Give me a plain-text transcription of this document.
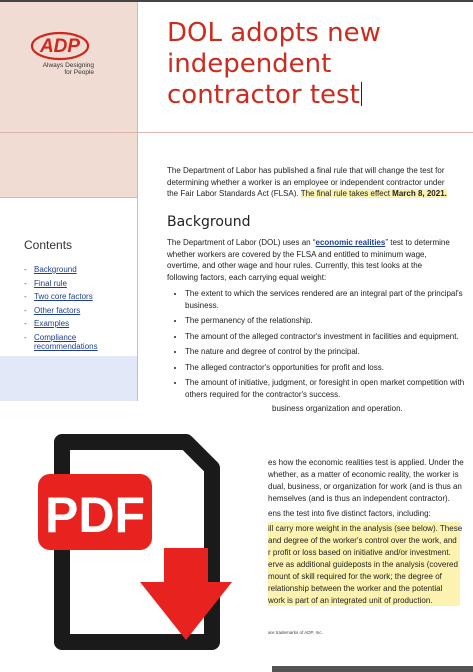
ADP
Always Designing
for People
DOL adopts new independent contractor test
Contents
- Background
- Final rule
- Two core factors
- Other factors
- Examples
- Compliance recommendations

The Department of Labor has published a final rule that will change the test for determining whether a worker is an employee or independent contractor under the Fair Labor Standards Act (FLSA). The final rule takes effect March 8, 2021.

Background

The Department of Labor (DOL) uses an “economic realities” test to determine whether workers are covered by the FLSA and entitled to minimum wage, overtime, and other wage and hour rules. Currently, this test looks at the following factors, each carrying equal weight:

• The extent to which the services rendered are an integral part of the principal's business.
• The permanency of the relationship.
• The amount of the alleged contractor's investment in facilities and equipment.
• The nature and degree of control by the principal.
• The alleged contractor's opportunities for profit and loss.
• The amount of initiative, judgment, or foresight in open market competition with others required for the contractor's success.
business organization and operation.
es how the economic realities test is applied. Under the
whether, as a matter of economic reality, the worker is
dual, business, or organization for work (and is thus an
hemselves (and is thus an independent contractor).
ens the test into five distinct factors, including:
ill carry more weight in the analysis (see below). These
and degree of the worker's control over the work, and
r profit or loss based on initiative and/or investment.
erve as additional guideposts in the analysis (covered
mount of skill required for the work; the degree of
relationship between the worker and the potential
work is part of an integrated unit of production.
are trademarks of ADP, Inc.
PDF
